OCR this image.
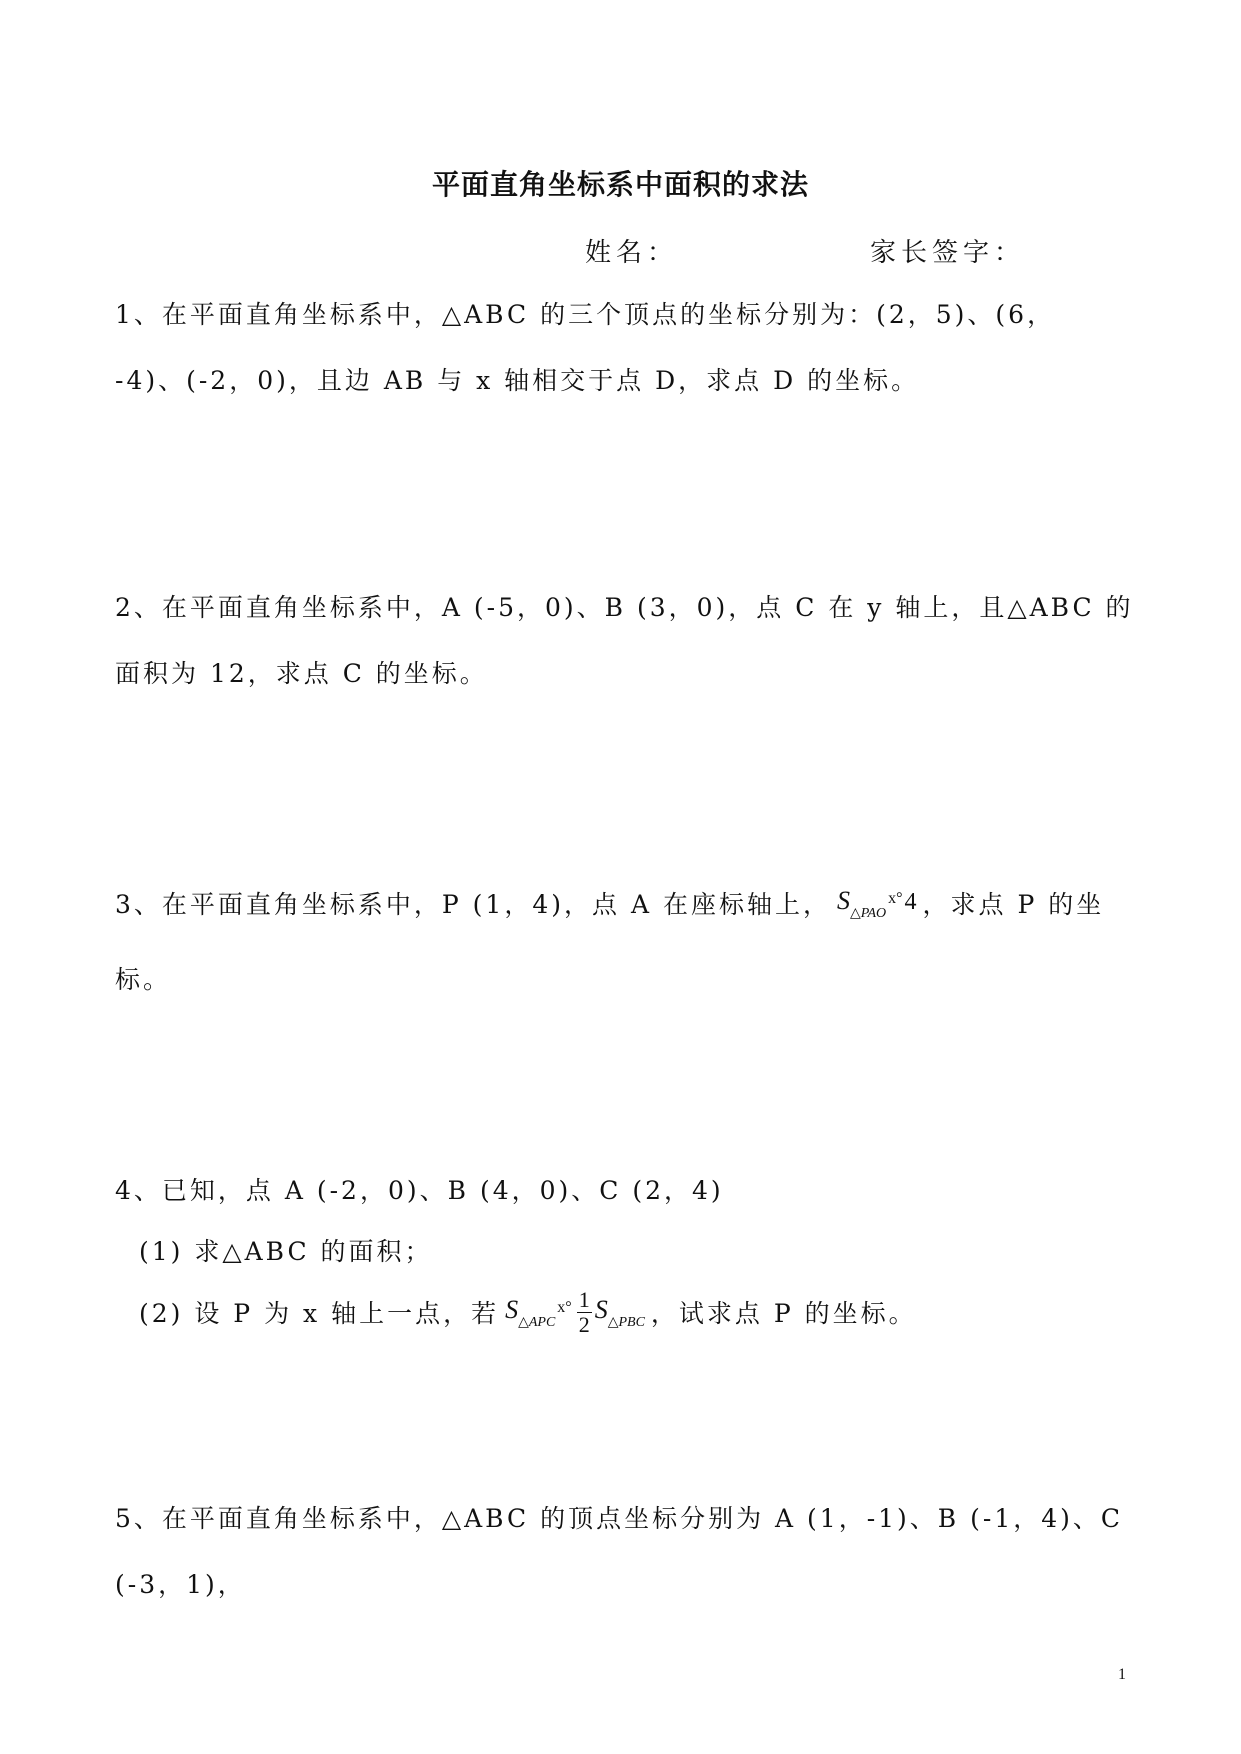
平面直角坐标系中面积的求法
姓名：	家长签字：
1、在平面直角坐标系中，△ABC 的三个顶点的坐标分别为：(2，5)、(6，
-4)、(-2，0)，且边 AB 与 x 轴相交于点 D，求点 D 的坐标。
2、在平面直角坐标系中，A (-5，0)、B (3，0)，点 C 在 y 轴上，且△ABC 的
面积为 12，求点 C 的坐标。
3、在平面直角坐标系中，P (1，4)，点 A 在座标轴上， $S_{\triangle PAO}^{x^\circ}4$ ，求点 P 的坐
标。
4、已知，点 A (-2，0)、B (4，0)、C (2，4)
(1) 求△ABC 的面积；
(2) 设 P 为 x 轴上一点，若 $S_{\triangle APC}^{x^\circ} \frac{1}{2} S_{\triangle PBC}$ ，试求点 P 的坐标。
5、在平面直角坐标系中，△ABC 的顶点坐标分别为 A (1，-1)、B (-1，4)、C
(-3，1)，
1
